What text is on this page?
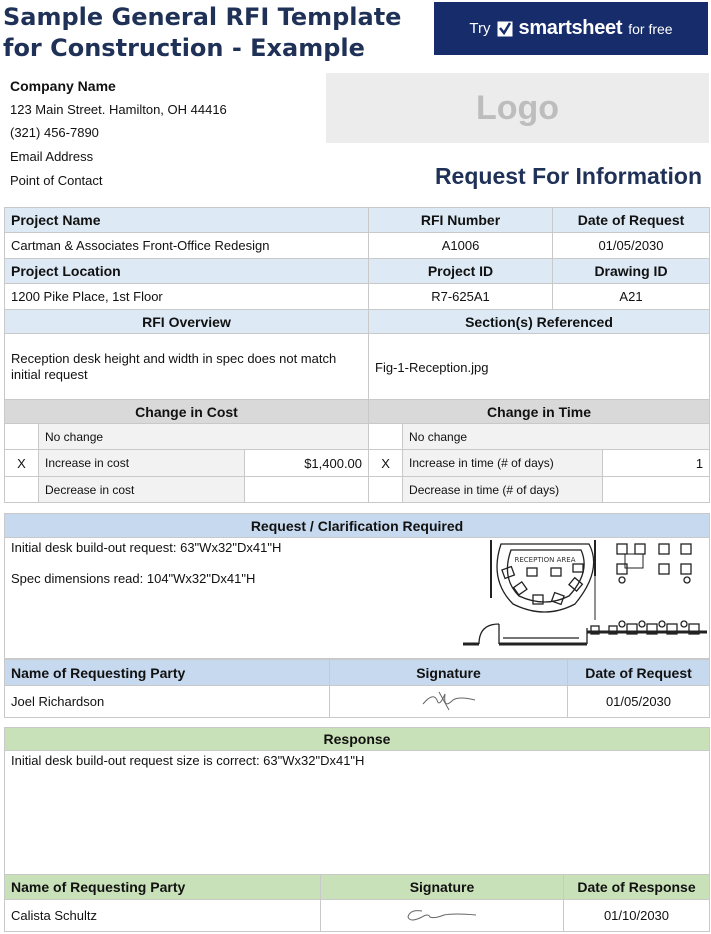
Sample General RFI Template
for Construction - Example
Try smartsheet for free
Company Name
123 Main Street. Hamilton, OH 44416
(321) 456-7890
Email Address
Point of Contact
Logo
Request For Information
Project Name	RFI Number	Date of Request
Cartman & Associates Front-Office Redesign	A1006	01/05/2030
Project Location	Project ID	Drawing ID
1200 Pike Place, 1st Floor	R7-625A1	A21
RFI Overview	Section(s) Referenced
Reception desk height and width in spec does not match initial request	Fig-1-Reception.jpg
Change in Cost			Change in Time		
	No change			No change	
X	Increase in cost	$1,400.00	X	Increase in time (# of days)	1
	Decrease in cost			Decrease in time (# of days)	
Request / Clarification Required

Initial desk build-out request: 63"Wx32"Dx41"H
Spec dimensions read: 104"Wx32"Dx41"H
RECEPTION AREA
Name of Requesting Party	Signature	Date of Request
Joel Richardson		01/05/2030
Response

Initial desk build-out request size is correct: 63"Wx32"Dx41"H
Name of Requesting Party	Signature	Date of Response
Calista Schultz		01/10/2030
